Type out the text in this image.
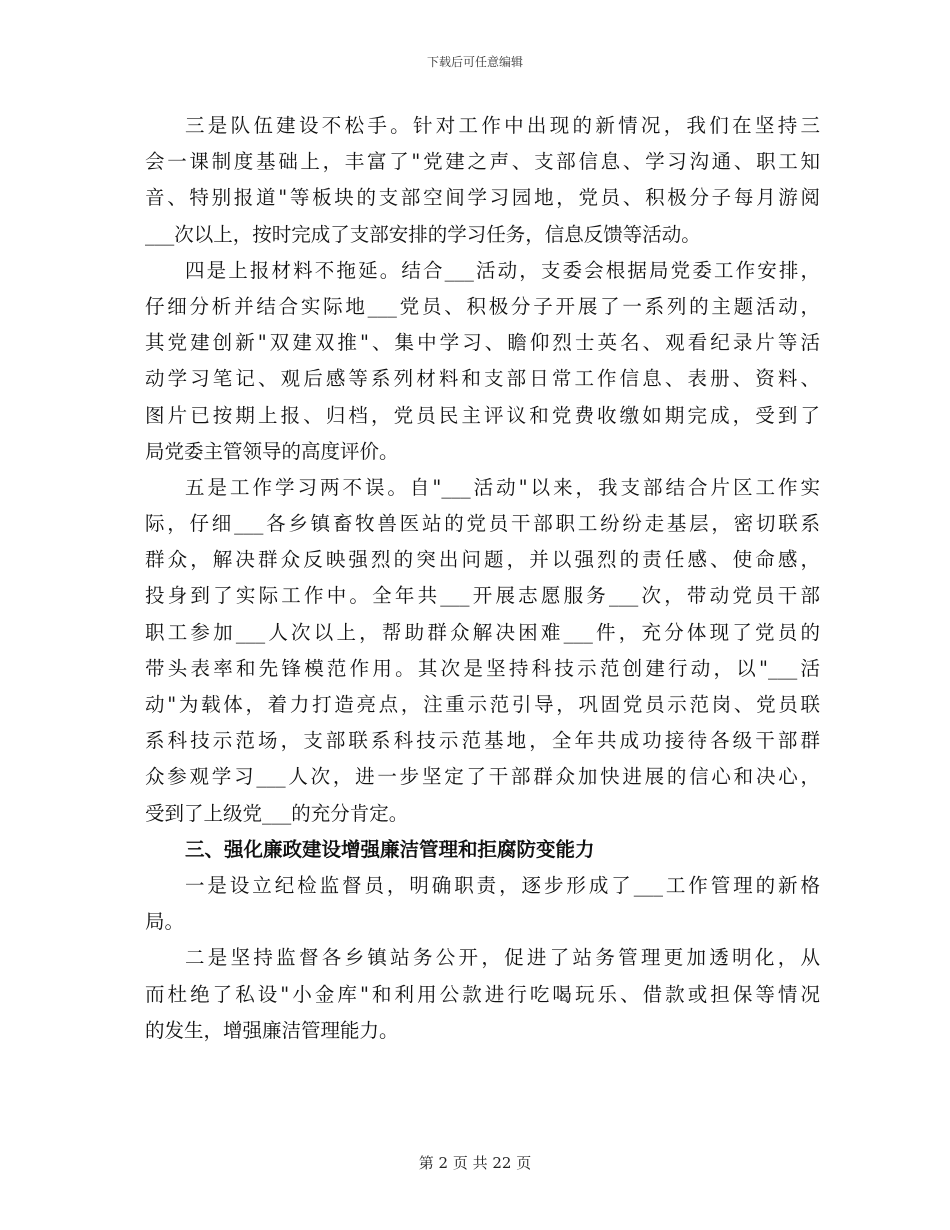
下载后可任意编辑
三是队伍建设不松手。针对工作中出现的新情况，我们在坚持三
会一课制度基础上，丰富了"党建之声、支部信息、学习沟通、职工知
音、特别报道"等板块的支部空间学习园地，党员、积极分子每月游阅
___次以上，按时完成了支部安排的学习任务，信息反馈等活动。
四是上报材料不拖延。结合___活动，支委会根据局党委工作安排，
仔细分析并结合实际地___党员、积极分子开展了一系列的主题活动，
其党建创新"双建双推"、集中学习、瞻仰烈士英名、观看纪录片等活
动学习笔记、观后感等系列材料和支部日常工作信息、表册、资料、
图片已按期上报、归档，党员民主评议和党费收缴如期完成，受到了
局党委主管领导的高度评价。
五是工作学习两不误。自"___活动"以来，我支部结合片区工作实
际，仔细___各乡镇畜牧兽医站的党员干部职工纷纷走基层，密切联系
群众，解决群众反映强烈的突出问题，并以强烈的责任感、使命感，
投身到了实际工作中。全年共___开展志愿服务___次，带动党员干部
职工参加___人次以上，帮助群众解决困难___件，充分体现了党员的
带头表率和先锋模范作用。其次是坚持科技示范创建行动，以"___活
动"为载体，着力打造亮点，注重示范引导，巩固党员示范岗、党员联
系科技示范场，支部联系科技示范基地，全年共成功接待各级干部群
众参观学习___人次，进一步坚定了干部群众加快进展的信心和决心，
受到了上级党___的充分肯定。
三、强化廉政建设增强廉洁管理和拒腐防变能力
一是设立纪检监督员，明确职责，逐步形成了___工作管理的新格
局。
二是坚持监督各乡镇站务公开，促进了站务管理更加透明化，从
而杜绝了私设"小金库"和利用公款进行吃喝玩乐、借款或担保等情况
的发生，增强廉洁管理能力。
第 2 页 共 22 页
